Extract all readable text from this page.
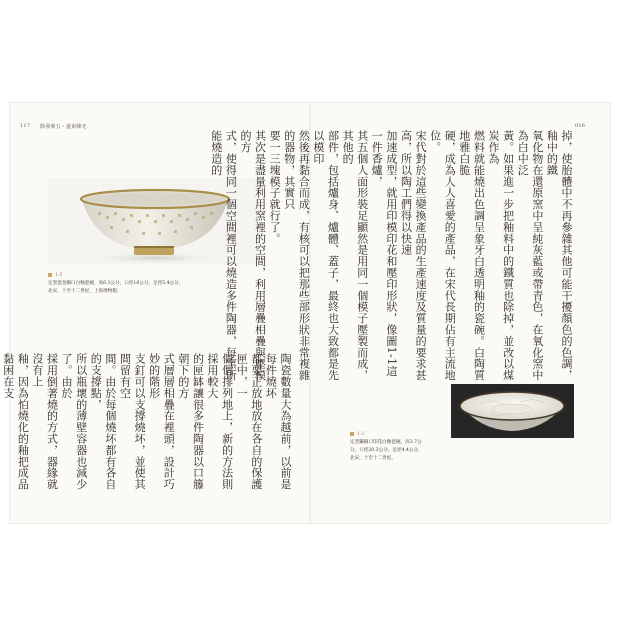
117 除發專五・盛東陳光	016
1-5
定窯瓷金銅口白釉瓷碗，高6.3公分，口徑16公分，足徑5.4公分，
北宋，十至十二世紀，上海博物館。
陶瓷數量大為越前，以前是每件燒坏
都要正放地放在各自的保護匣中，一
個個排列地上，新的方法則採用較大
的匣缽讓很多件陶器以口籐朝下的方
式層層相疊在裡頭，設計巧妙的階形
支釘可以支撐燒坏，並使其間留有空
間。由於每個燒坏都有各自的支撐點，
所以瓶壞的薄壁容器也減少了。由於
採用倒著燒的方式，器緣就沒有上
釉，因為怕燒化的釉把成品黏困在支	掉，使胎體中不再參雜其他可能干擾顏色的色調，釉中的鐵
氧化物在還原窯中呈純灰藍或帶青色，在氧化窯中為白中泛
黃。如果進一步把釉料中的鐵質也除掉，並改以煤炭作為
燃料就能燒出色調呈象牙白透明釉的瓷碗。白陶質地雅白脆
硬，成為人人喜愛的產品，在宋代長期佔有主流地位。
宋代對於這些變換產品的生產速度及質量的要求甚高，所以陶工們得以快速
加速成型，就用印模印花和壓印形狀，像圖1-1這一件香爐，
其五個人面形裝足顯然是用同一個模子壓製而成，其他的
部件，包括爐身、爐體、蓋子，最終也大致都是先以模印
然後再黏合而成，有核可以把那些部形狀非常複雜的器物，其實只
要一三塊模子就行了。
其次是盡量利用窯裡的空間，利用層疊相疊與壓模的方
式，使得同一個空間裡可以燒造多件陶器，每窯所能燒造的
1-2
定窯鑲銅口印花白釉瓷碗，高3.7公
分，口徑20.3公分，足徑4.4公分，
北宋，十至十二世紀。
